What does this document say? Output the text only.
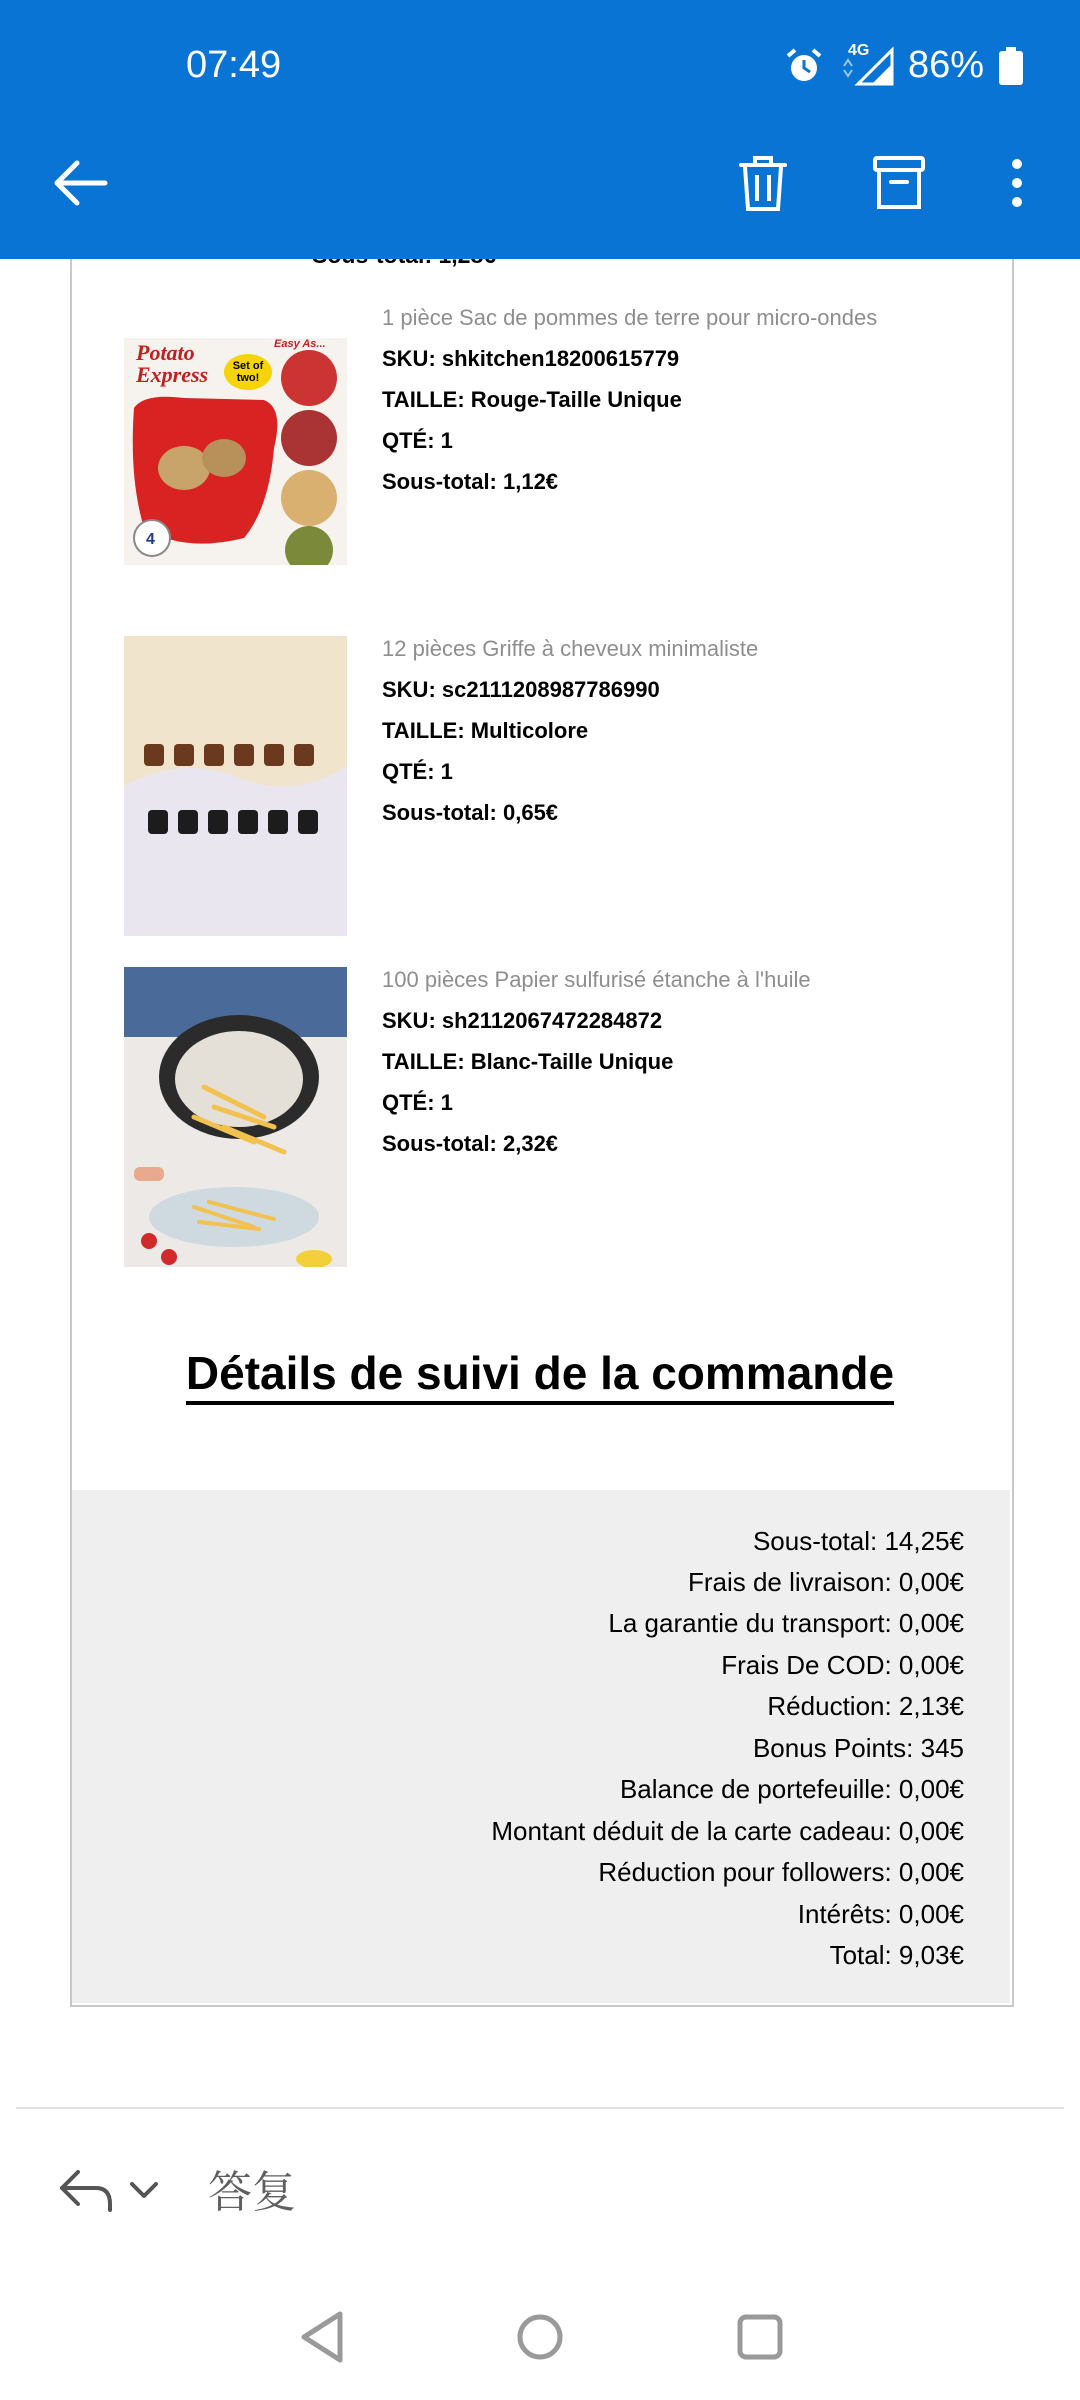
07:49	4G 86%
4
Potato
Express	Set of two!
Easy As...
1 pièce Sac de pommes de terre pour micro-ondes
SKU: shkitchen18200615779
TAILLE: Rouge-Taille Unique
QTÉ: 1
Sous-total: 1,12€
12 pièces Griffe à cheveux minimaliste
SKU: sc2111208987786990
TAILLE: Multicolore
QTÉ: 1
Sous-total: 0,65€
100 pièces Papier sulfurisé étanche à l'huile
SKU: sh2112067472284872
TAILLE: Blanc-Taille Unique
QTÉ: 1
Sous-total: 2,32€
Détails de suivi de la commande
Sous-total: 14,25€
Frais de livraison: 0,00€
La garantie du transport: 0,00€
Frais De COD: 0,00€
Réduction: 2,13€
Bonus Points: 345
Balance de portefeuille: 0,00€
Montant déduit de la carte cadeau: 0,00€
Réduction pour followers: 0,00€
Intérêts: 0,00€
Total: 9,03€
答复
